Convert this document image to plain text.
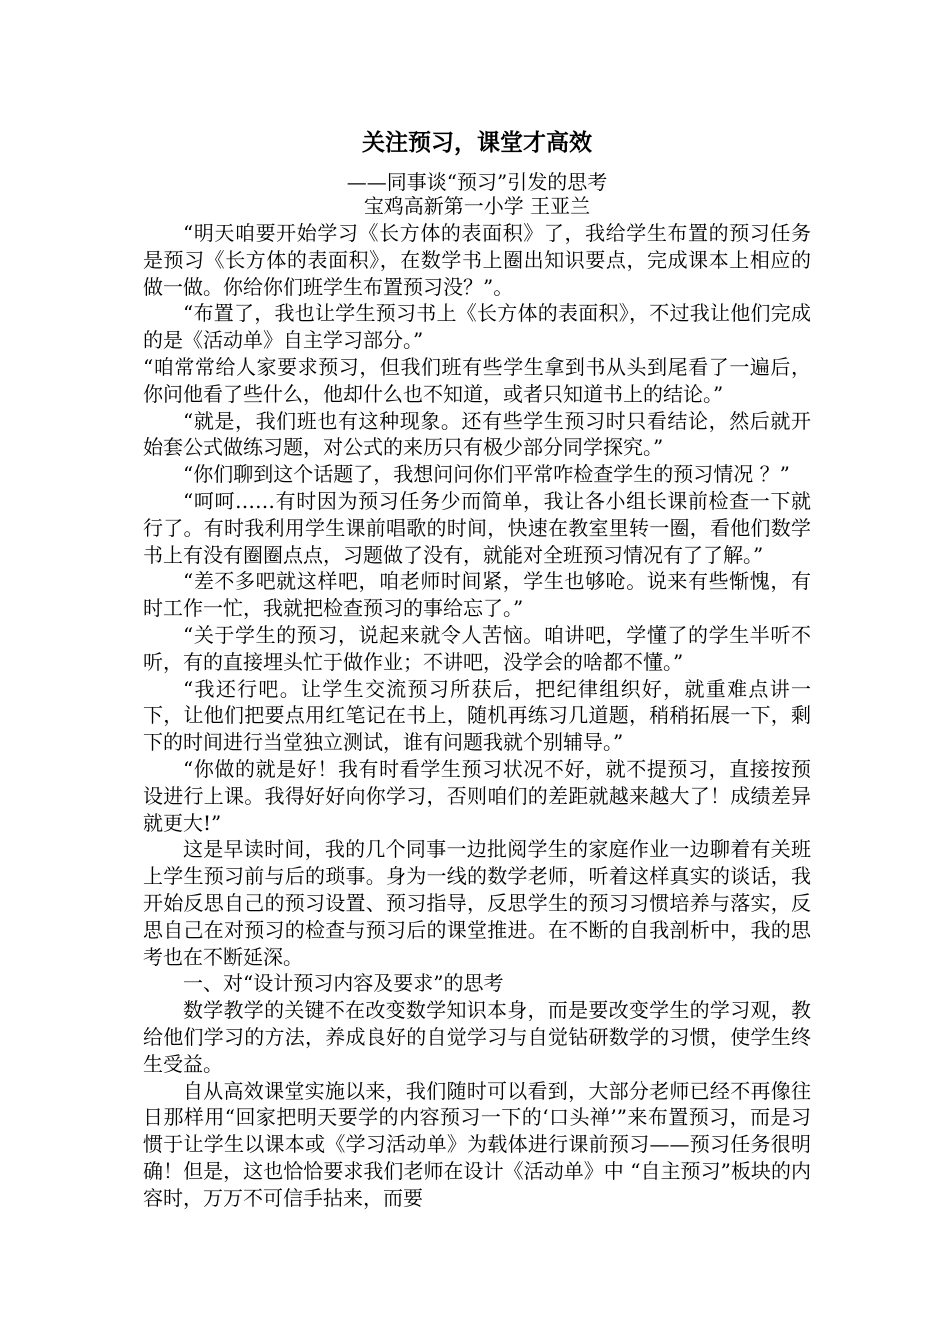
关注预习，课堂才高效
——同事谈“预习”引发的思考
宝鸡高新第一小学 王亚兰

“明天咱要开始学习《长方体的表面积》了，我给学生布置的预习任务是预习《长方体的表面积》，在数学书上圈出知识要点，完成课本上相应的做一做。你给你们班学生布置预习没？”。

“布置了，我也让学生预习书上《长方体的表面积》，不过我让他们完成的是《活动单》自主学习部分。”

“咱常常给人家要求预习，但我们班有些学生拿到书从头到尾看了一遍后，你问他看了些什么，他却什么也不知道，或者只知道书上的结论。”

“就是，我们班也有这种现象。还有些学生预习时只看结论，然后就开始套公式做练习题，对公式的来历只有极少部分同学探究。”

“你们聊到这个话题了，我想问问你们平常咋检查学生的预习情况 ？”

“呵呵……有时因为预习任务少而简单，我让各小组长课前检查一下就行了。有时我利用学生课前唱歌的时间，快速在教室里转一圈，看他们数学书上有没有圈圈点点，习题做了没有，就能对全班预习情况有了了解。”

“差不多吧就这样吧，咱老师时间紧，学生也够呛。说来有些惭愧，有时工作一忙，我就把检查预习的事给忘了。”

“关于学生的预习，说起来就令人苦恼。咱讲吧，学懂了的学生半听不听，有的直接埋头忙于做作业；不讲吧，没学会的啥都不懂。”

“我还行吧。让学生交流预习所获后，把纪律组织好，就重难点讲一下，让他们把要点用红笔记在书上，随机再练习几道题，稍稍拓展一下，剩下的时间进行当堂独立测试，谁有问题我就个别辅导。”

“你做的就是好！我有时看学生预习状况不好，就不提预习，直接按预设进行上课。我得好好向你学习，否则咱们的差距就越来越大了！成绩差异就更大!”

这是早读时间，我的几个同事一边批阅学生的家庭作业一边聊着有关班上学生预习前与后的琐事。身为一线的数学老师，听着这样真实的谈话，我开始反思自己的预习设置、预习指导，反思学生的预习习惯培养与落实，反思自己在对预习的检查与预习后的课堂推进。在不断的自我剖析中，我的思考也在不断延深。

一、对“设计预习内容及要求”的思考

数学教学的关键不在改变数学知识本身，而是要改变学生的学习观，教给他们学习的方法，养成良好的自觉学习与自觉钻研数学的习惯，使学生终生受益。

自从高效课堂实施以来，我们随时可以看到，大部分老师已经不再像往日那样用“回家把明天要学的内容预习一下的‘口头禅’”来布置预习，而是习惯于让学生以课本或《学习活动单》为载体进行课前预习——预习任务很明确！但是，这也恰恰要求我们老师在设计《活动单》中 “自主预习”板块的内容时，万万不可信手拈来，而要
